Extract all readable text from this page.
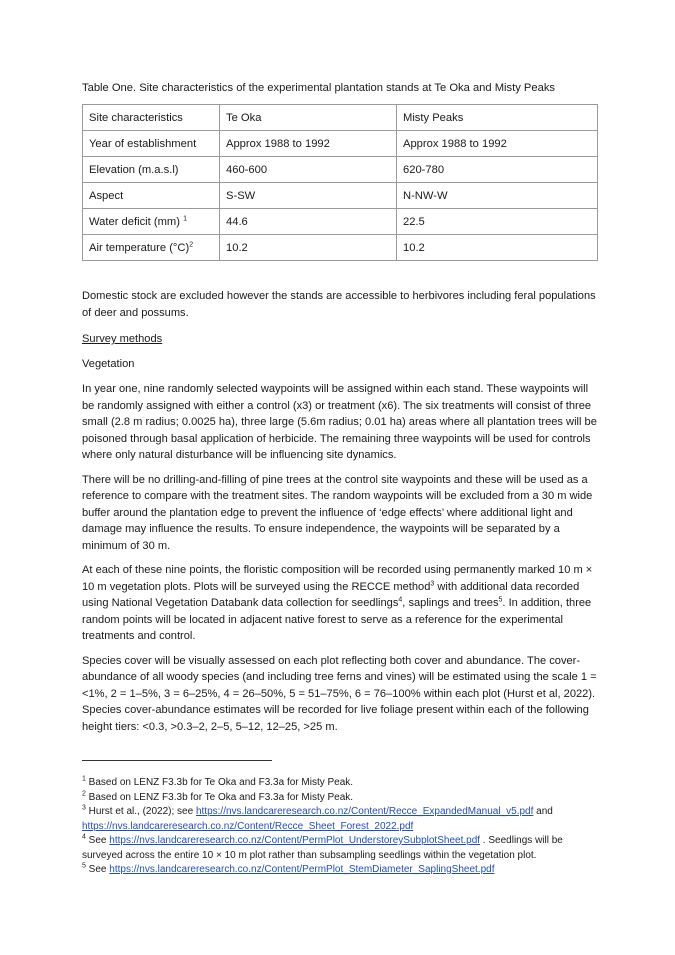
Table One. Site characteristics of the experimental plantation stands at Te Oka and Misty Peaks

Site characteristics	Te Oka	Misty Peaks
Year of establishment	Approx 1988 to 1992	Approx 1988 to 1992
Elevation (m.a.s.l)	460-600	620-780
Aspect	S-SW	N-NW-W
Water deficit (mm) $^1$	44.6	22.5
Air temperature $(^\circ C)^2$	10.2	10.2

Domestic stock are excluded however the stands are accessible to herbivores including feral populations of deer and possums.

Survey methods

Vegetation

In year one, nine randomly selected waypoints will be assigned within each stand. These waypoints will be randomly assigned with either a control (x3) or treatment (x6). The six treatments will consist of three small (2.8 m radius; 0.0025 ha), three large (5.6m radius; 0.01 ha) areas where all plantation trees will be poisoned through basal application of herbicide. The remaining three waypoints will be used for controls where only natural disturbance will be influencing site dynamics.

There will be no drilling-and-filling of pine trees at the control site waypoints and these will be used as a reference to compare with the treatment sites. The random waypoints will be excluded from a 30 m wide buffer around the plantation edge to prevent the influence of ‘edge effects’ where additional light and damage may influence the results. To ensure independence, the waypoints will be separated by a minimum of 30 m.

At each of these nine points, the floristic composition will be recorded using permanently marked 10 m × 10 m vegetation plots. Plots will be surveyed using the RECCE method$^3$ with additional data recorded using National Vegetation Databank data collection for seedlings$^4$, saplings and trees$^5$. In addition, three random points will be located in adjacent native forest to serve as a reference for the experimental treatments and control.

Species cover will be visually assessed on each plot reflecting both cover and abundance. The cover-abundance of all woody species (and including tree ferns and vines) will be estimated using the scale 1 = <1%, 2 = 1–5%, 3 = 6–25%, 4 = 26–50%, 5 = 51–75%, 6 = 76–100% within each plot (Hurst et al, 2022). Species cover-abundance estimates will be recorded for live foliage present within each of the following height tiers: <0.3, >0.3–2, 2–5, 5–12, 12–25, >25 m.

$^1$ Based on LENZ F3.3b for Te Oka and F3.3a for Misty Peak.

$^2$ Based on LENZ F3.3b for Te Oka and F3.3a for Misty Peak.

$^3$ Hurst et al., (2022); see https://nvs.landcareresearch.co.nz/Content/Recce_ExpandedManual_v5.pdf and

https://nvs.landcareresearch.co.nz/Content/Recce_Sheet_Forest_2022.pdf

$^4$ See https://nvs.landcareresearch.co.nz/Content/PermPlot_UnderstoreySubplotSheet.pdf . Seedlings will be

surveyed across the entire 10 × 10 m plot rather than subsampling seedlings within the vegetation plot.

$^5$ See https://nvs.landcareresearch.co.nz/Content/PermPlot_StemDiameter_SaplingSheet.pdf
